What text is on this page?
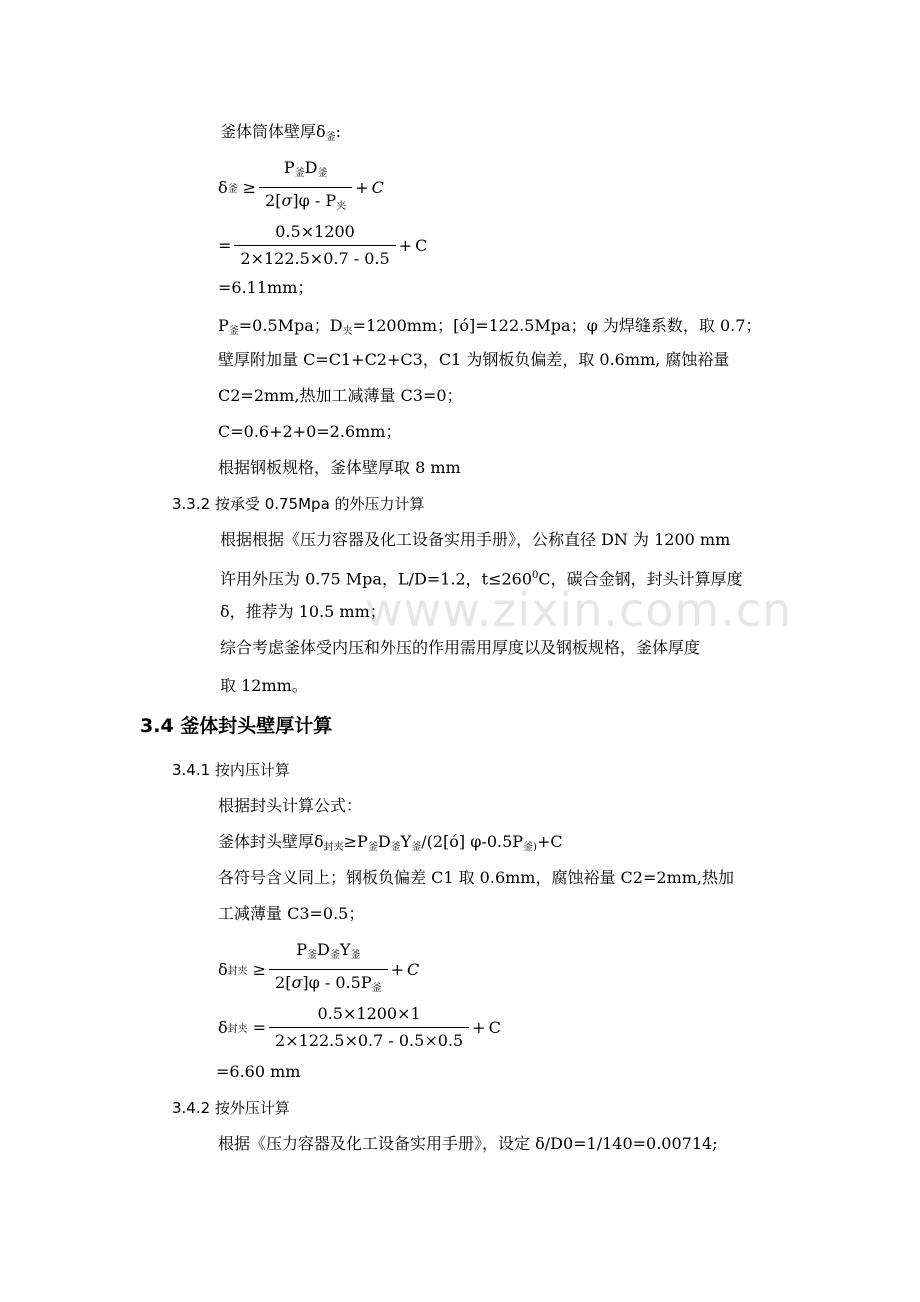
www.zixin.com.cn
釜体筒体壁厚$\delta_釜$:
δ 釜 ≥ $\frac{P_釜D_釜}{2[\sigma]\varphi - P_夹} + C$
= $\frac{0.5\times 1200}{2\times 122.5\times 0.7 - 0.5} + C$
=6.11mm；
$P_釜=0.5Mpa$；$D_夹=1200mm$；[ó]=122.5Mpa；φ 为焊缝系数，取 0.7；
壁厚附加量 C=C1+C2+C3，C1 为钢板负偏差，取 0.6mm, 腐蚀裕量
C2=2mm,热加工减薄量 C3=0；
C=0.6+2+0=2.6mm；
根据钢板规格，釜体壁厚取 8 mm
3.3.2 按承受 0.75Mpa 的外压力计算
根据根据《压力容器及化工设备实用手册》，公称直径 DN 为 1200 mm
许用外压为 0.75 Mpa，L/D=1.2，$t\le 260^0C$，碳合金钢，封头计算厚度
δ，推荐为 10.5 mm；
综合考虑釜体受内压和外压的作用需用厚度以及钢板规格，釜体厚度
取 12mm。
3.4 釜体封头壁厚计算
3.4.1 按内压计算
根据封头计算公式：
釜体封头壁厚$\delta_{封夹}\ge P_釜D_釜Y_釜/(2[ó]$ $\varphi-0.5P_{釜)}+C$
各符号含义同上；钢板负偏差 C1 取 0.6mm，腐蚀裕量 C2=2mm,热加
工减薄量 C3=0.5；
δ 封夹 ≥ $\frac{P_釜D_釜Y_釜}{2[\sigma]\varphi - 0.5P_釜} + C$
δ 封夹 = $\frac{0.5\times 1200\times 1}{2\times 122.5\times 0.7 - 0.5\times 0.5} + C$
=6.60 mm
3.4.2 按外压计算
根据《压力容器及化工设备实用手册》，设定 δ/D0=1/140=0.00714;
